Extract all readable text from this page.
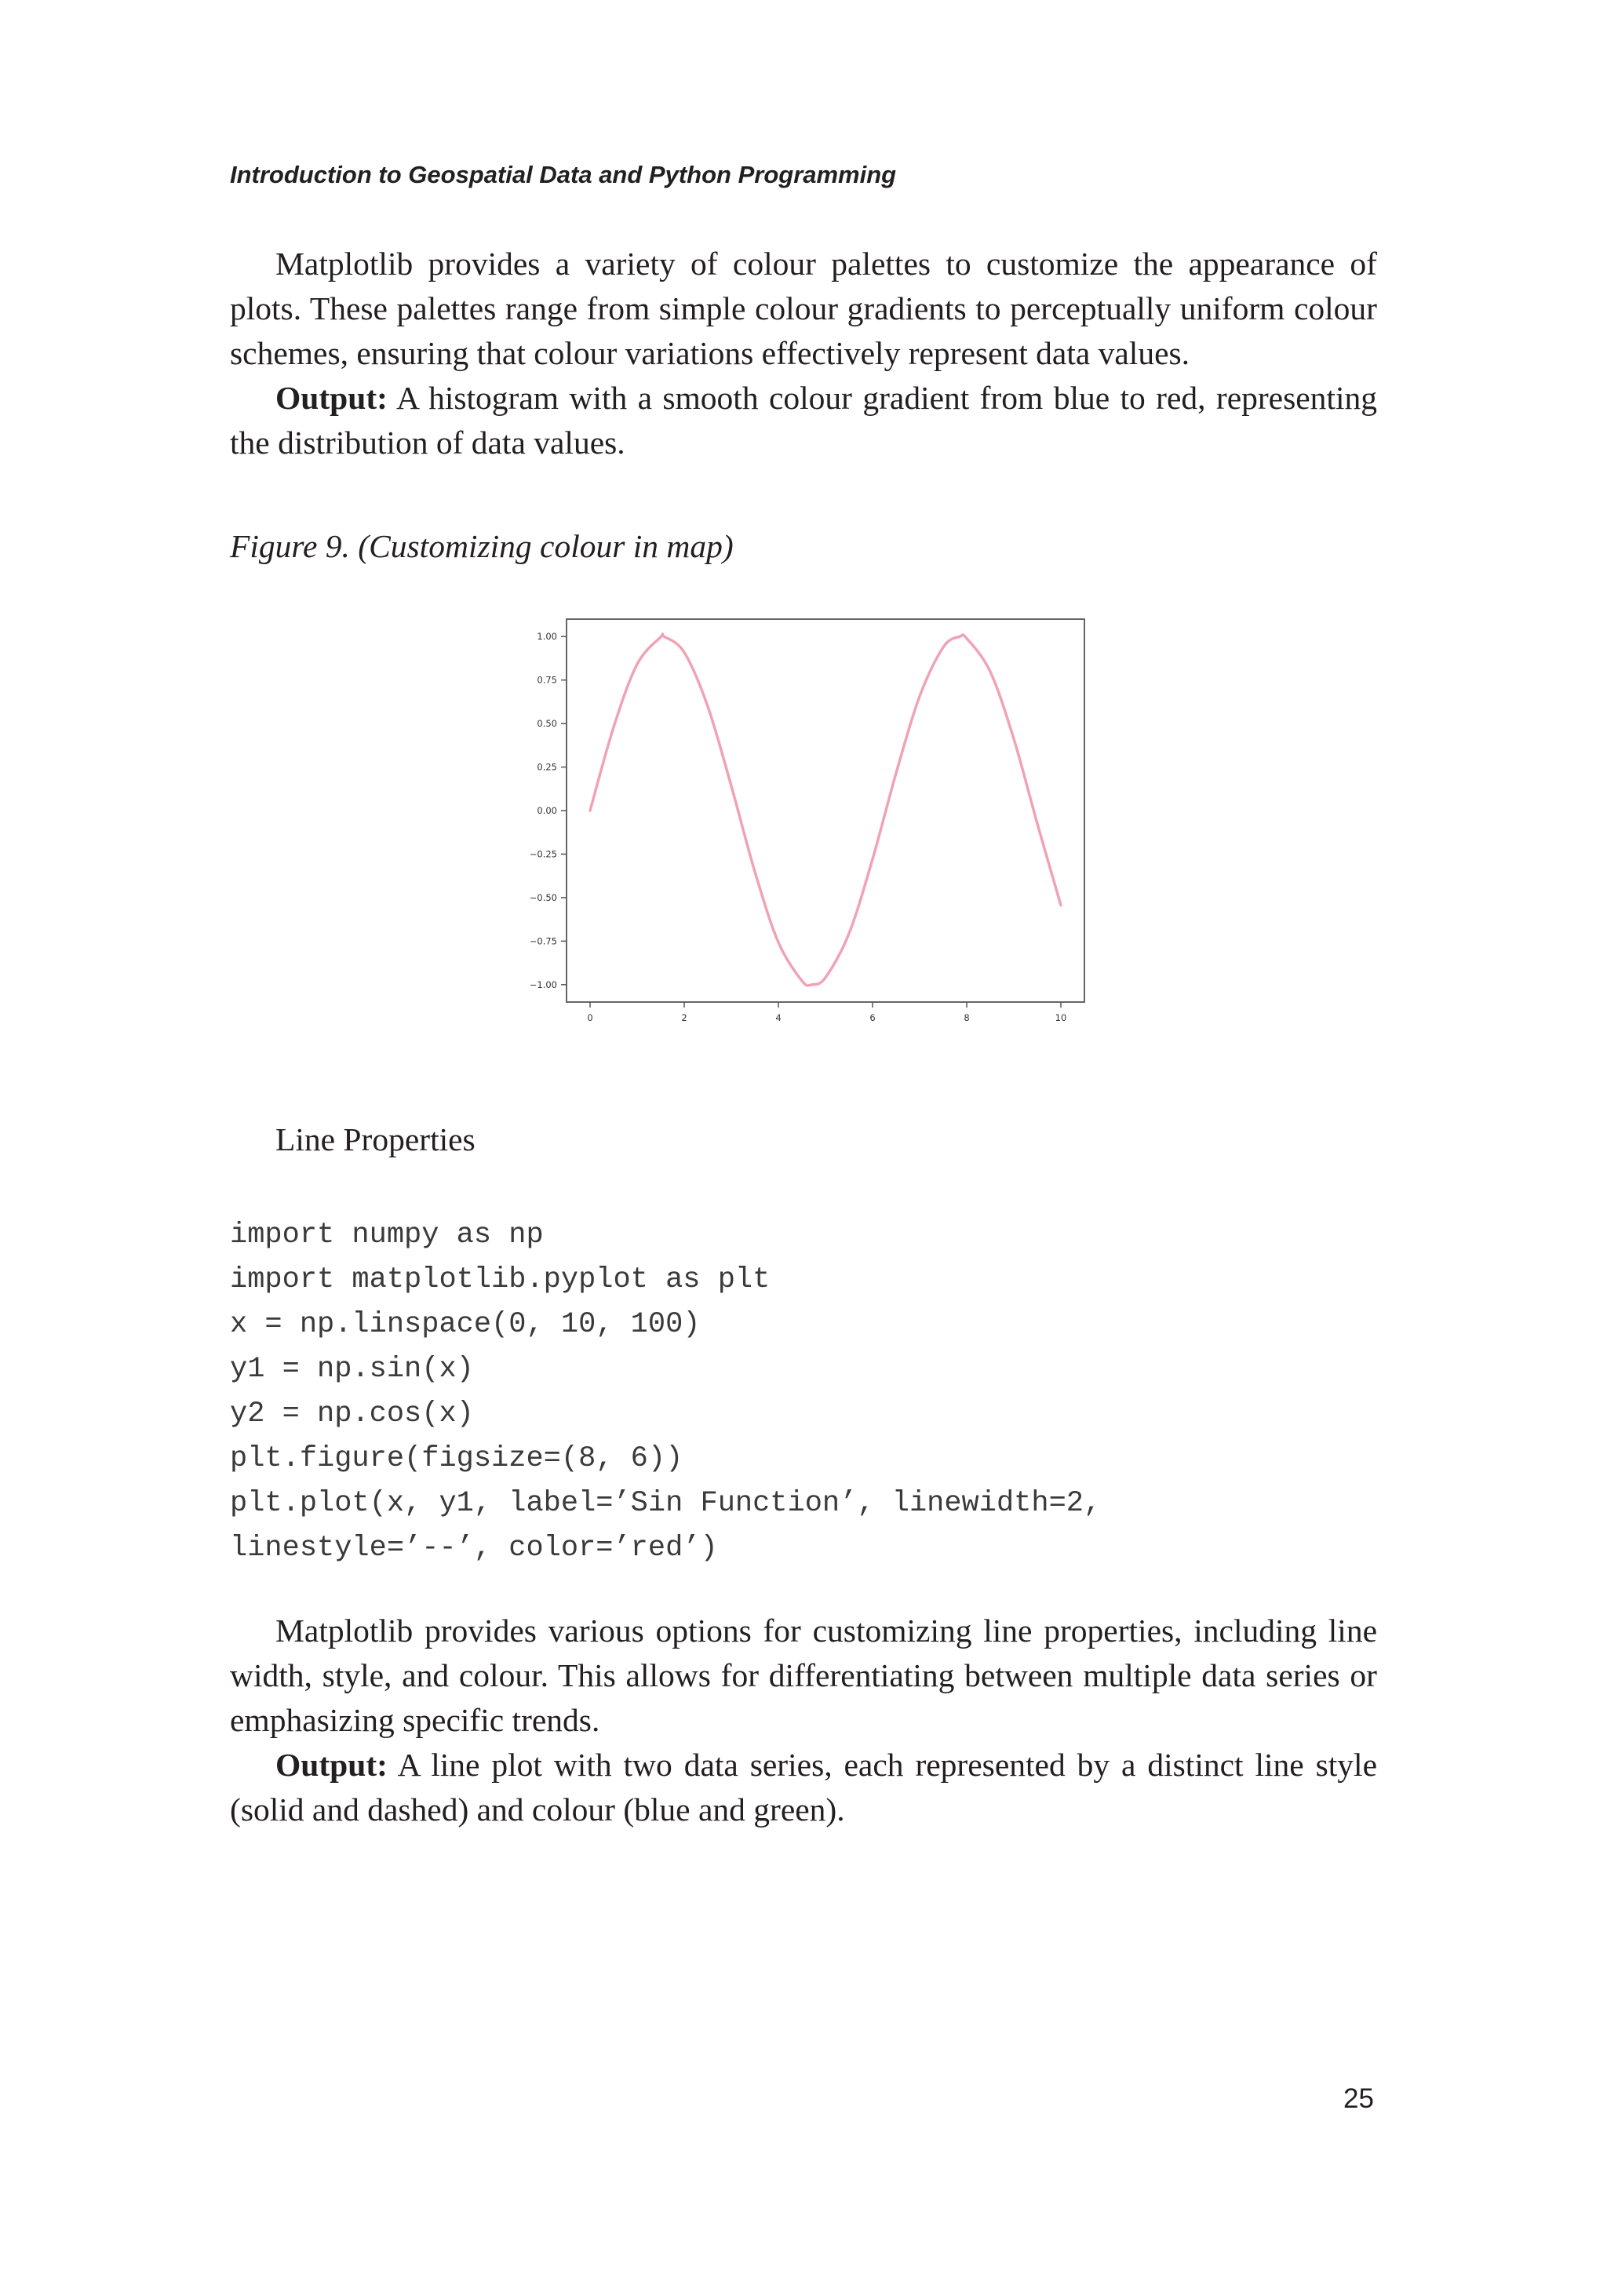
Introduction to Geospatial Data and Python Programming

Matplotlib provides a variety of colour palettes to customize the appearance of plots. These palettes range from simple colour gradients to perceptually uniform colour schemes, ensuring that colour variations effectively represent data values.

Output: A histogram with a smooth colour gradient from blue to red, representing the distribution of data values.

Figure 9. (Customizing colour in map)
1.00
0.75
0.50
0.25
0.00
−0.25
−0.50
−0.75
−1.00
0	2	4	6	8	10
Line Properties
import numpy as np
import matplotlib.pyplot as plt
x = np.linspace(0, 10, 100)
y1 = np.sin(x)
y2 = np.cos(x)
plt.figure(figsize=(8, 6))
plt.plot(x, y1, label=’Sin Function’, linewidth=2,
linestyle=’--’, color=’red’)

Matplotlib provides various options for customizing line properties, including line width, style, and colour. This allows for differentiating between multiple data series or emphasizing specific trends.

Output: A line plot with two data series, each represented by a distinct line style (solid and dashed) and colour (blue and green).

25
